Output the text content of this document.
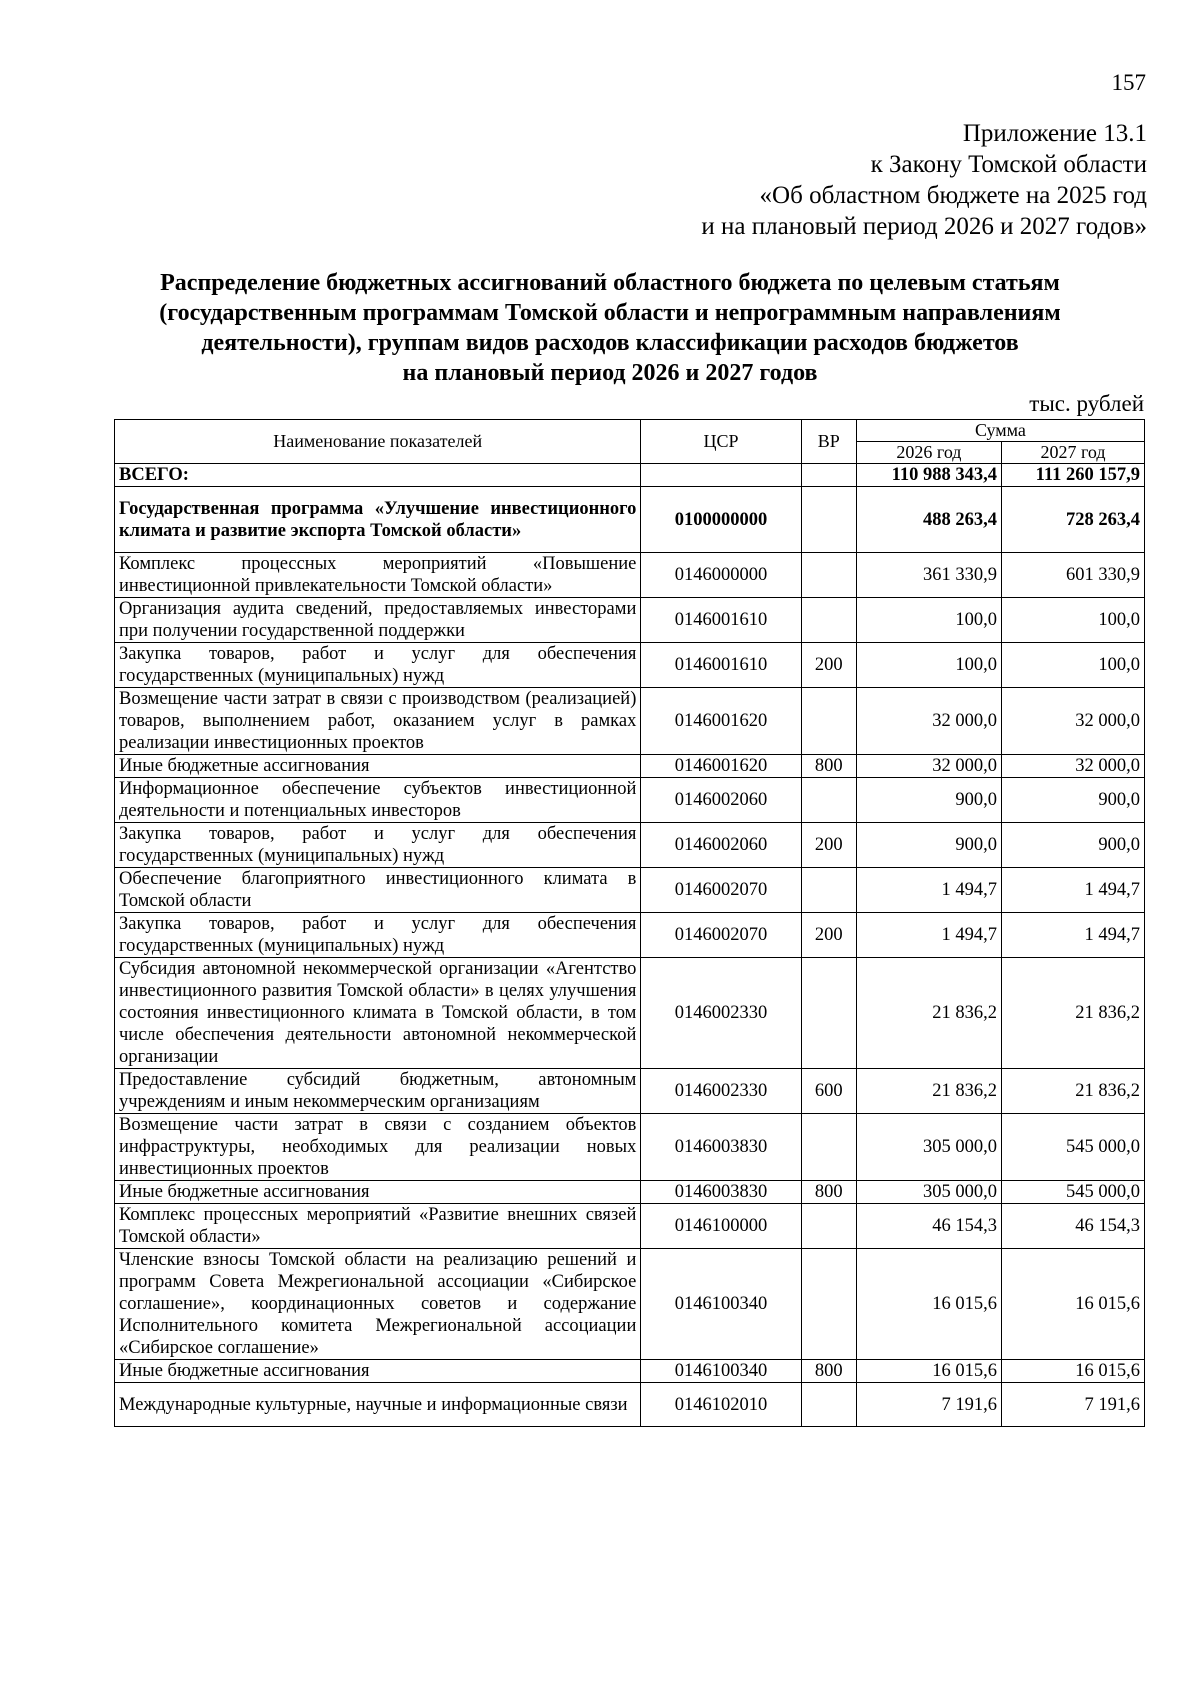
157
Приложение 13.1
к Закону Томской области
«Об областном бюджете на 2025 год
и на плановый период 2026 и 2027 годов»
Распределение бюджетных ассигнований областного бюджета по целевым статьям
(государственным программам Томской области и непрограммным направлениям
деятельности), группам видов расходов классификации расходов бюджетов
на плановый период 2026 и 2027 годов
тыс. рублей
Наименование показателей	ЦСР	ВР	Сумма	
			2026 год	2027 год
ВСЕГО:			110 988 343,4	111 260 157,9
Государственная программа «Улучшение инвестиционного климата и развитие экспорта Томской области»	0100000000		488 263,4	728 263,4
Комплекс процессных мероприятий «Повышение инвестиционной привлекательности Томской области»	0146000000		361 330,9	601 330,9
Организация аудита сведений, предоставляемых инвесторами при получении государственной поддержки	0146001610		100,0	100,0
Закупка товаров, работ и услуг для обеспечения государственных (муниципальных) нужд	0146001610	200	100,0	100,0
Возмещение части затрат в связи с производством (реализацией) товаров, выполнением работ, оказанием услуг в рамках реализации инвестиционных проектов	0146001620		32 000,0	32 000,0
Иные бюджетные ассигнования	0146001620	800	32 000,0	32 000,0
Информационное обеспечение субъектов инвестиционной деятельности и потенциальных инвесторов	0146002060		900,0	900,0
Закупка товаров, работ и услуг для обеспечения государственных (муниципальных) нужд	0146002060	200	900,0	900,0
Обеспечение благоприятного инвестиционного климата в Томской области	0146002070		1 494,7	1 494,7
Закупка товаров, работ и услуг для обеспечения государственных (муниципальных) нужд	0146002070	200	1 494,7	1 494,7
Субсидия автономной некоммерческой организации «Агентство инвестиционного развития Томской области» в целях улучшения состояния инвестиционного климата в Томской области, в том числе обеспечения деятельности автономной некоммерческой организации	0146002330		21 836,2	21 836,2
Предоставление субсидий бюджетным, автономным учреждениям и иным некоммерческим организациям	0146002330	600	21 836,2	21 836,2
Возмещение части затрат в связи с созданием объектов инфраструктуры, необходимых для реализации новых инвестиционных проектов	0146003830		305 000,0	545 000,0
Иные бюджетные ассигнования	0146003830	800	305 000,0	545 000,0
Комплекс процессных мероприятий «Развитие внешних связей Томской области»	0146100000		46 154,3	46 154,3
Членские взносы Томской области на реализацию решений и программ Совета Межрегиональной ассоциации «Сибирское соглашение», координационных советов и содержание Исполнительного комитета Межрегиональной ассоциации «Сибирское соглашение»	0146100340		16 015,6	16 015,6
Иные бюджетные ассигнования	0146100340	800	16 015,6	16 015,6
Международные культурные, научные и информационные связи	0146102010		7 191,6	7 191,6
